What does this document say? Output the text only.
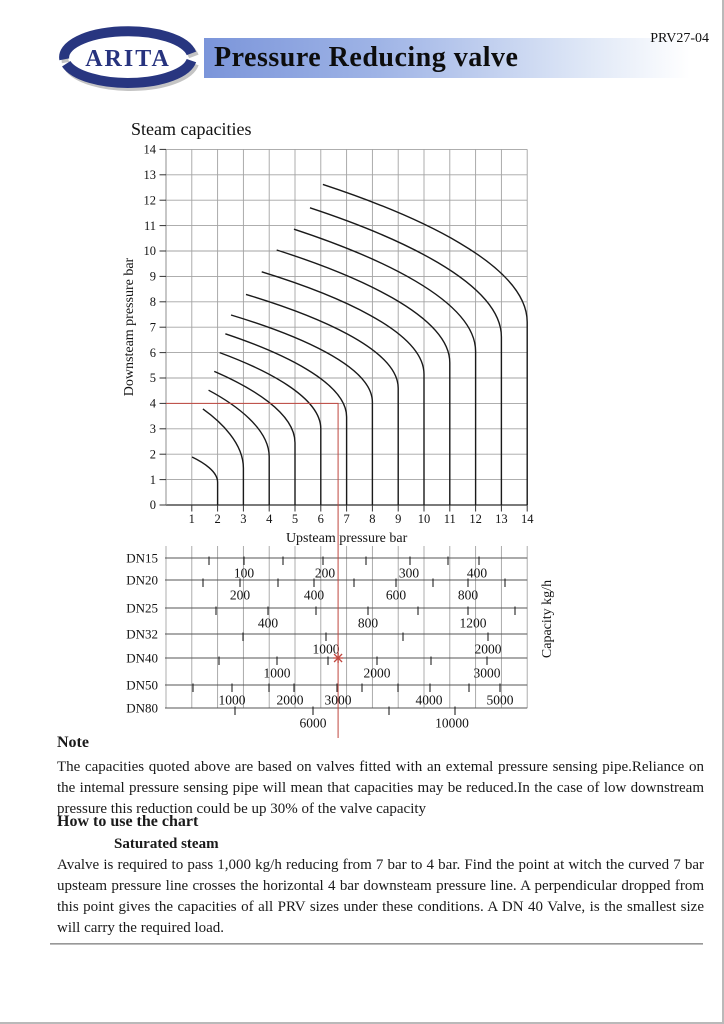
ARITA	Pressure Reducing valve
PRV27-04
Steam capacities
1 2 3 4 5 6 7 8 9 10 11 12 13 14
0
1
2
3
4
5
6
7
8
9
10
11
12
13
14
Upsteam pressure bar
Downsteam pressure bar
Capacity kg/h
DN15
100	200	300	400
DN20
200	400	600	800
DN25
400	800	1200
DN32
1000	2000
DN40
1000	2000	3000
DN50
1000 2000 3000	4000	5000
DN80
6000	10000
Note
The capacities quoted above are based on valves fitted with an extemal pressure sensing pipe.Reliance on
the intemal pressure sensing pipe will mean that capacities may be reduced.In the case of low downstream
pressure this reduction could be up 30% of the valve capacity
How to use the chart
Saturated steam
Avalve is required to pass 1,000 kg/h reducing from 7 bar to 4 bar. Find the point at witch the curved 7 bar
upsteam pressure line crosses the horizontal 4 bar downsteam pressure line. A perpendicular dropped from
this point gives the capacities of all PRV sizes under these conditions. A DN 40 Valve, is the smallest size
will carry the required load.
